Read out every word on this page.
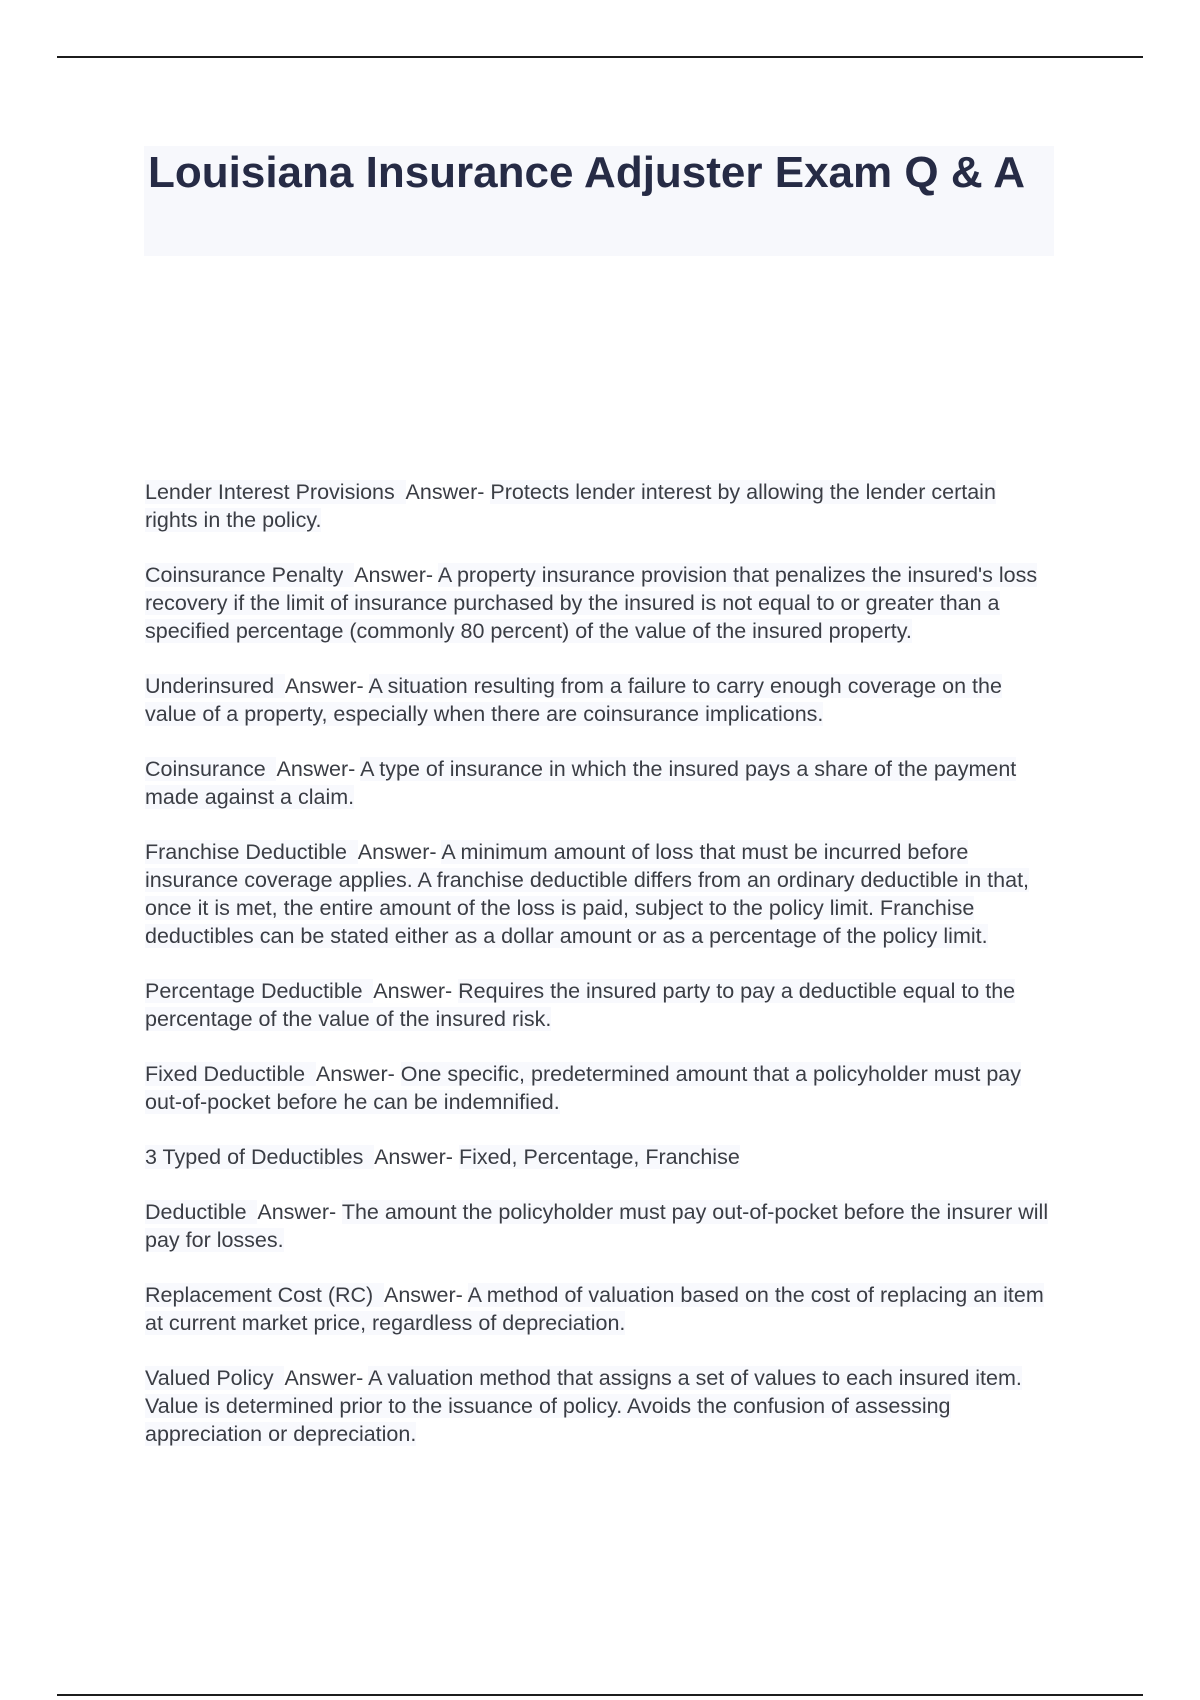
Louisiana Insurance Adjuster Exam Q & A

Lender Interest Provisions Answer- Protects lender interest by allowing the lender certain rights in the policy.

Coinsurance Penalty Answer- A property insurance provision that penalizes the insured's loss recovery if the limit of insurance purchased by the insured is not equal to or greater than a specified percentage (commonly 80 percent) of the value of the insured property.

Underinsured Answer- A situation resulting from a failure to carry enough coverage on the value of a property, especially when there are coinsurance implications.

Coinsurance Answer- A type of insurance in which the insured pays a share of the payment made against a claim.

Franchise Deductible Answer- A minimum amount of loss that must be incurred before insurance coverage applies. A franchise deductible differs from an ordinary deductible in that, once it is met, the entire amount of the loss is paid, subject to the policy limit. Franchise deductibles can be stated either as a dollar amount or as a percentage of the policy limit.

Percentage Deductible Answer- Requires the insured party to pay a deductible equal to the percentage of the value of the insured risk.

Fixed Deductible Answer- One specific, predetermined amount that a policyholder must pay out-of-pocket before he can be indemnified.

3 Typed of Deductibles Answer- Fixed, Percentage, Franchise

Deductible Answer- The amount the policyholder must pay out-of-pocket before the insurer will pay for losses.

Replacement Cost (RC) Answer- A method of valuation based on the cost of replacing an item at current market price, regardless of depreciation.

Valued Policy Answer- A valuation method that assigns a set of values to each insured item. Value is determined prior to the issuance of policy. Avoids the confusion of assessing appreciation or depreciation.
